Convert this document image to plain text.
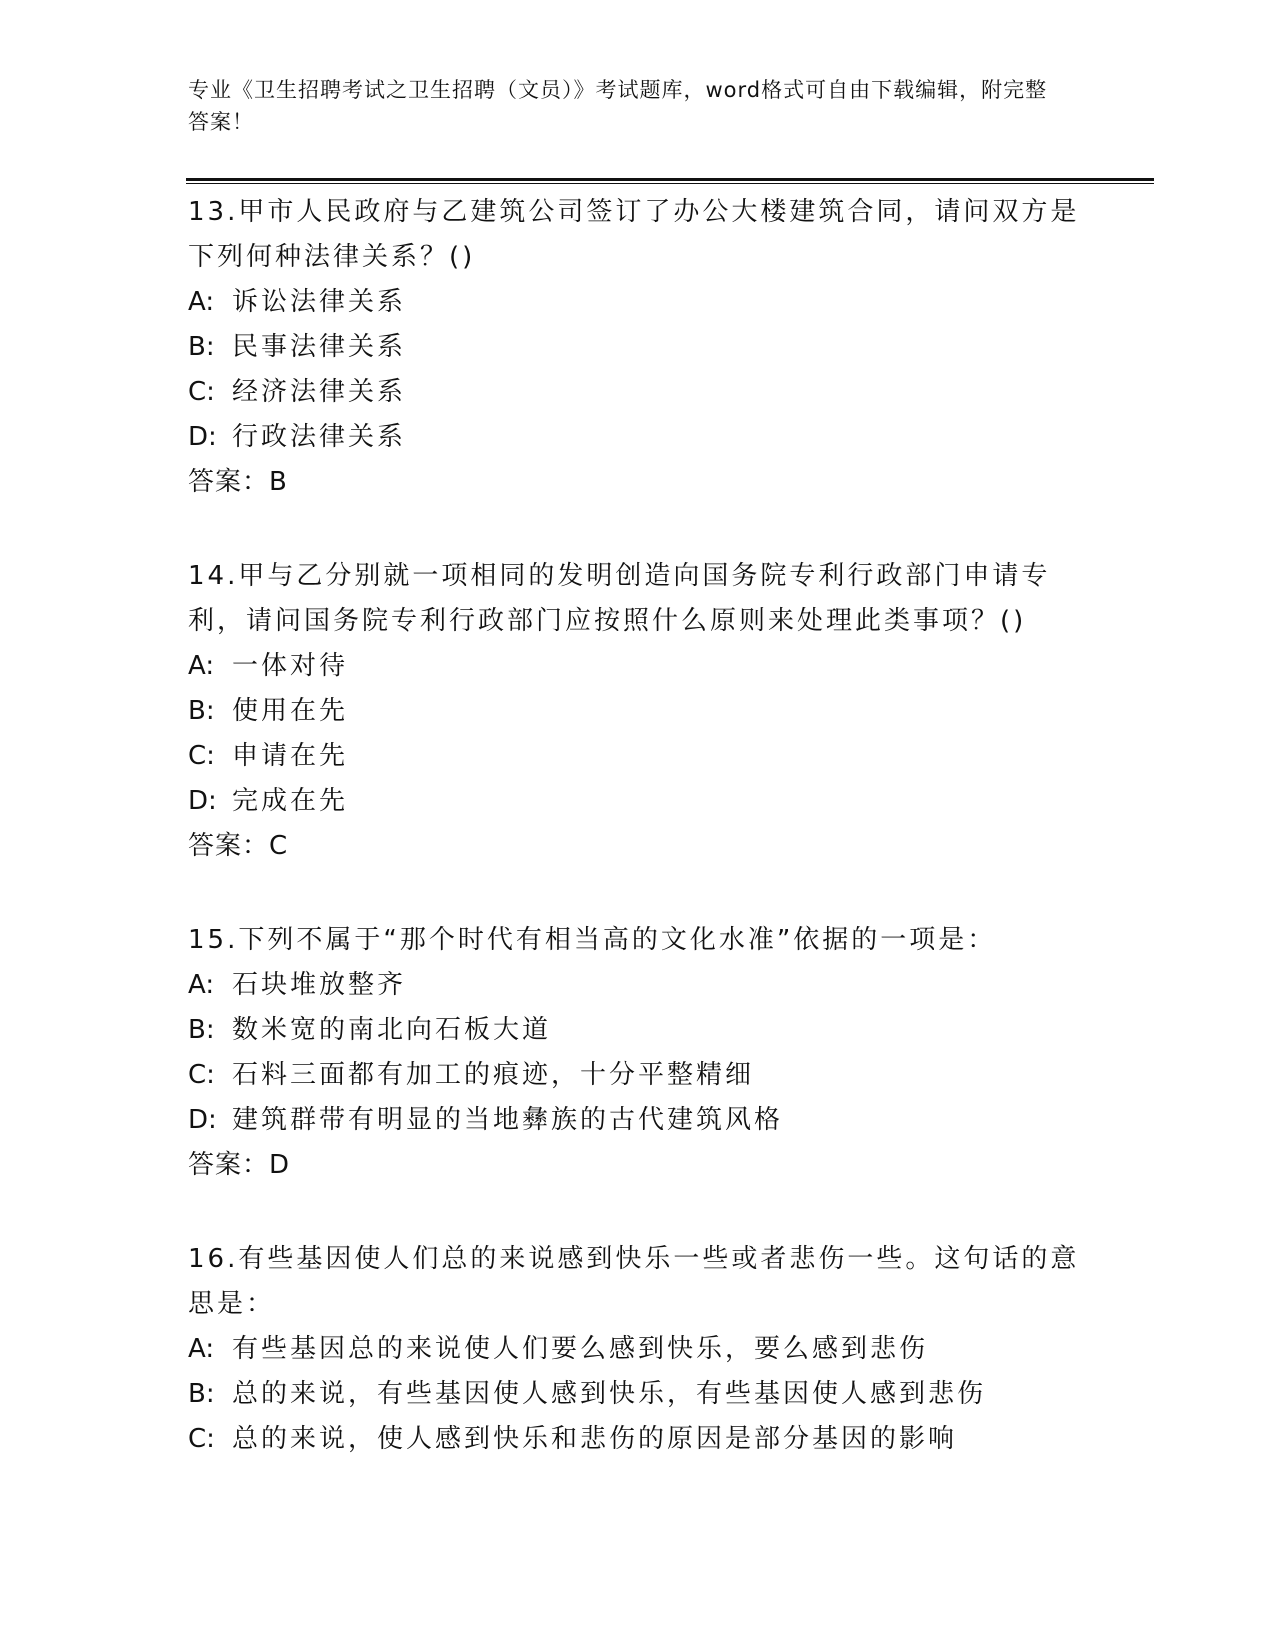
专业《卫生招聘考试之卫生招聘（文员）》考试题库，word格式可自由下载编辑，附完整答案！

13.甲市人民政府与乙建筑公司签订了办公大楼建筑合同，请问双方是下列何种法律关系？()

A: 诉讼法律关系

B: 民事法律关系

C: 经济法律关系

D: 行政法律关系

答案：B

14.甲与乙分别就一项相同的发明创造向国务院专利行政部门申请专利，请问国务院专利行政部门应按照什么原则来处理此类事项？()

A: 一体对待

B: 使用在先

C: 申请在先

D: 完成在先

答案：C

15.下列不属于“那个时代有相当高的文化水准”依据的一项是：

A: 石块堆放整齐

B: 数米宽的南北向石板大道

C: 石料三面都有加工的痕迹，十分平整精细

D: 建筑群带有明显的当地彝族的古代建筑风格

答案：D

16.有些基因使人们总的来说感到快乐一些或者悲伤一些。这句话的意思是：

A: 有些基因总的来说使人们要么感到快乐，要么感到悲伤

B: 总的来说，有些基因使人感到快乐，有些基因使人感到悲伤

C: 总的来说，使人感到快乐和悲伤的原因是部分基因的影响
